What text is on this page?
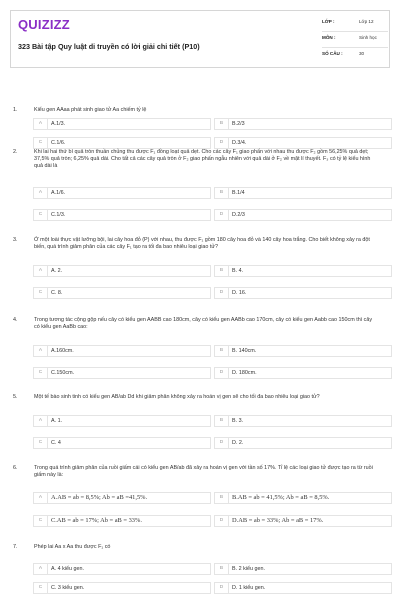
QUIZIZZ
323 Bài tập Quy luật di truyền có lời giải chi tiết (P10)
LỚP :	Lớp 12
MÔN :	Sinh học
SỐ CÂU :	30
1.	Kiểu gen AAaa phát sinh giao tử Aa chiếm tỷ lệ
A	A.1/3.	B	B.2/3
C	C.1/6.	D	D.3/4.
2.	Khi lai hai thứ bí quả tròn thuần chủng thu được F₁ đồng loạt quả dẹt. Cho các cây F₁ giao phấn với nhau thu được F₂ gồm 56,25% quả dẹt; 37,5% quả tròn; 6,25% quả dài. Cho tất cả các cây quả tròn ở F₂ giao phấn ngẫu nhiên với quả dài ở F₂ về mặt lí thuyết. F₃ có tỷ lệ kiểu hình quả dài là
A	A.1/6.	B	B.1/4
C	C.1/3.	D	D.2/3
3.	Ở một loài thực vật lưỡng bội, lai cây hoa đỏ (P) với nhau, thu được F₁ gồm 180 cây hoa đỏ và 140 cây hoa trắng. Cho biết không xảy ra đột biến, quá trình giảm phân của các cây F₁ tạo ra tối đa bao nhiêu loại giao tử?
A	A. 2.	B	B. 4.
C	C. 8.	D	D. 16.
4.	Trong tương tác cộng gộp nếu cây có kiểu gen AABB cao 180cm, cây có kiểu gen AABb cao 170cm, cây có kiểu gen Aabb cao 150cm thì cây có kiểu gen AaBb cao:
A	A.160cm.	B	B. 140cm.
C	C.150cm.	D	D. 180cm.
5.	Một tế bào sinh tinh có kiểu gen AB/ab Dd khi giảm phân không xảy ra hoán vị gen sẽ cho tối đa bao nhiêu loại giao tử?
A	A. 1.	B	B. 3.
C	C. 4	D	D. 2.
6.	Trong quá trình giảm phân của ruồi giấm cái có kiểu gen AB/ab đã xảy ra hoán vị gen với tần số 17%. Tỉ lệ các loại giao tử được tạo ra từ ruồi giấm này là:
A	A.AB = ab = 8,5%; Ab = aB =41,5%.	B	B.AB = ab = 41,5%; Ab = aB = 8,5%.
C	C.AB = ab = 17%; Ab = aB = 33%.	D	D.AB = ab = 33%; Ab = aB = 17%.
7.	Phép lai Aa x Aa thu được F₁ có
A	A. 4 kiểu gen.	B	B. 2 kiểu gen.
C	C. 3 kiểu gen.	D	D. 1 kiểu gen.
